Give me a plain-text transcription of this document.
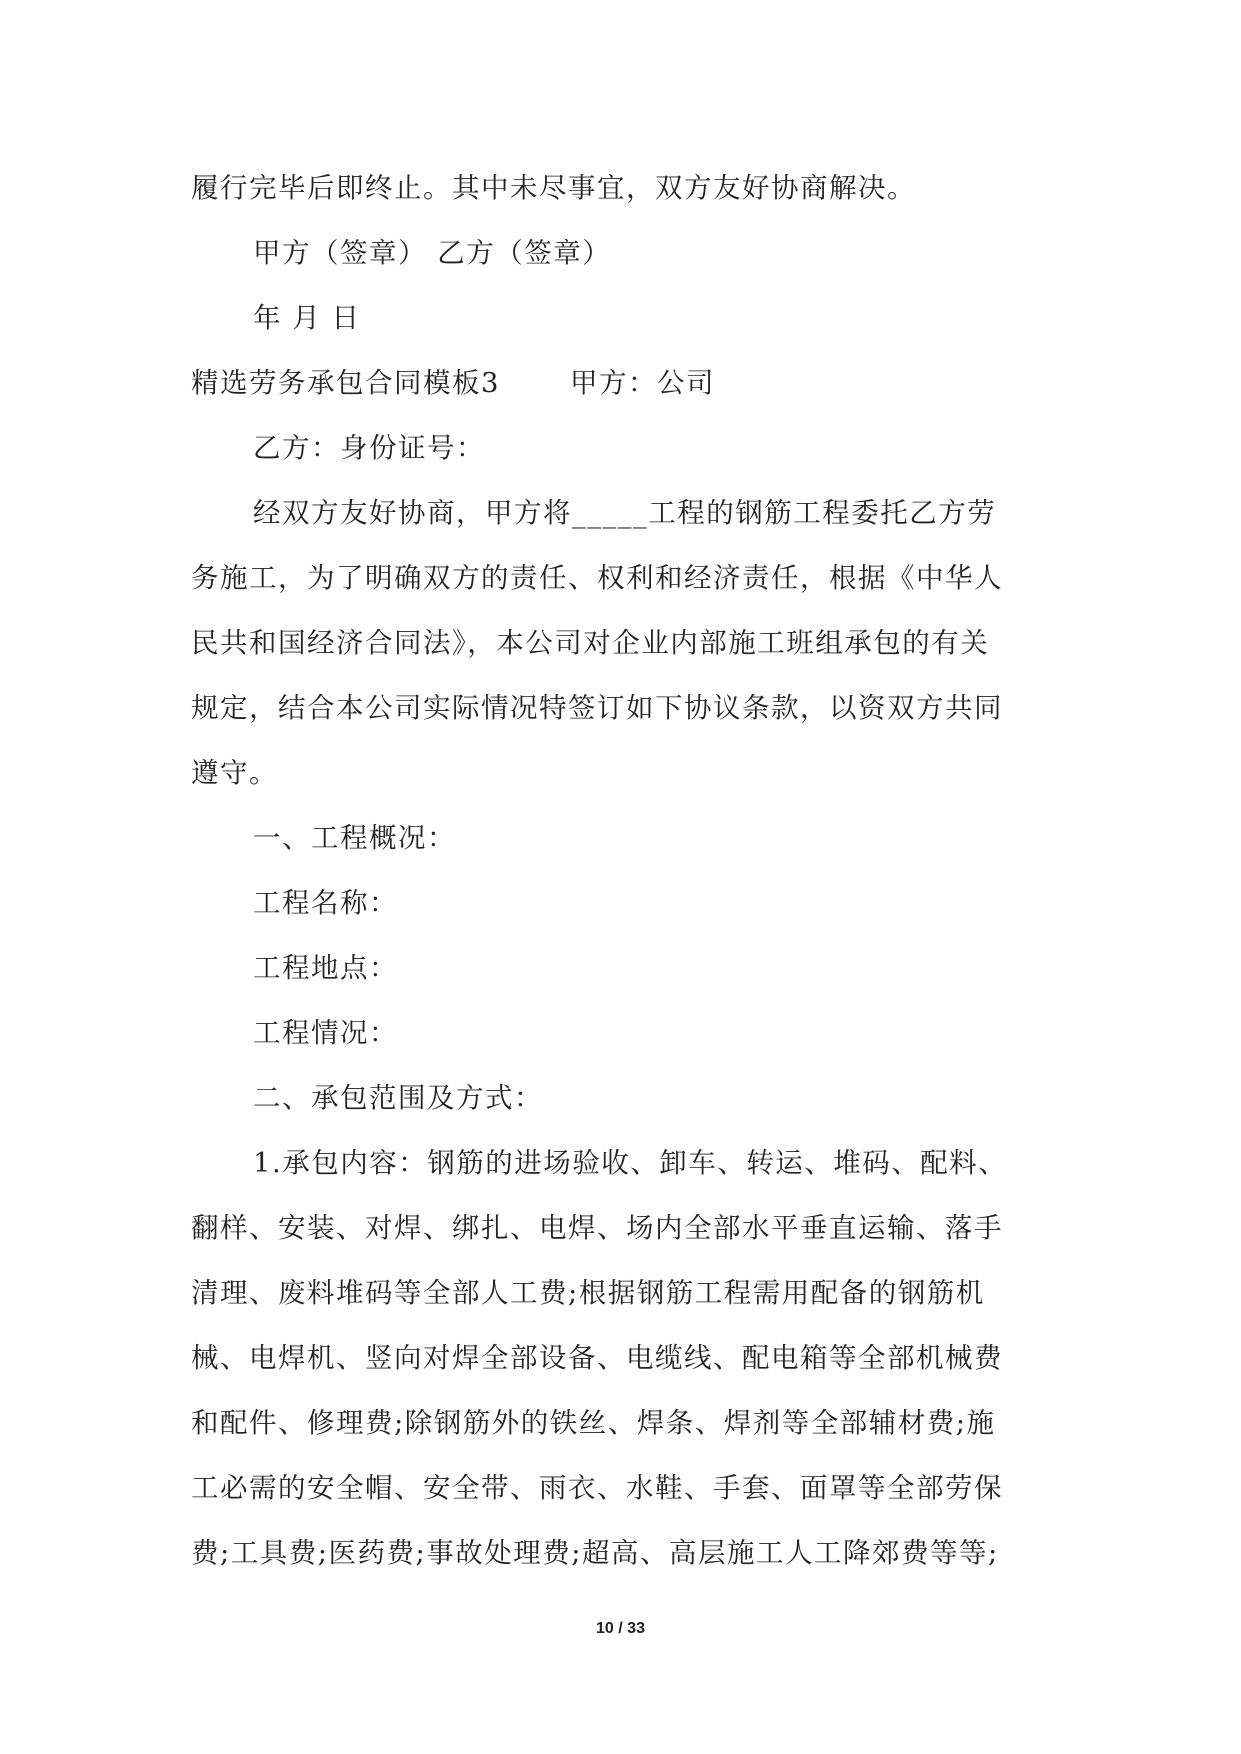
履行完毕后即终止。其中未尽事宜，双方友好协商解决。
甲方（签章） 乙方（签章）
年 月 日
精选劳务承包合同模板3	甲方：公司
乙方：身份证号：
经双方友好协商，甲方将_____工程的钢筋工程委托乙方劳
务施工，为了明确双方的责任、权利和经济责任，根据《中华人
民共和国经济合同法》，本公司对企业内部施工班组承包的有关
规定，结合本公司实际情况特签订如下协议条款，以资双方共同
遵守。
一、工程概况：
工程名称：
工程地点：
工程情况：
二、承包范围及方式：
1.承包内容：钢筋的进场验收、卸车、转运、堆码、配料、
翻样、安装、对焊、绑扎、电焊、场内全部水平垂直运输、落手
清理、废料堆码等全部人工费;根据钢筋工程需用配备的钢筋机
械、电焊机、竖向对焊全部设备、电缆线、配电箱等全部机械费
和配件、修理费;除钢筋外的铁丝、焊条、焊剂等全部辅材费;施
工必需的安全帽、安全带、雨衣、水鞋、手套、面罩等全部劳保
费;工具费;医药费;事故处理费;超高、高层施工人工降郊费等等;
10 / 33
